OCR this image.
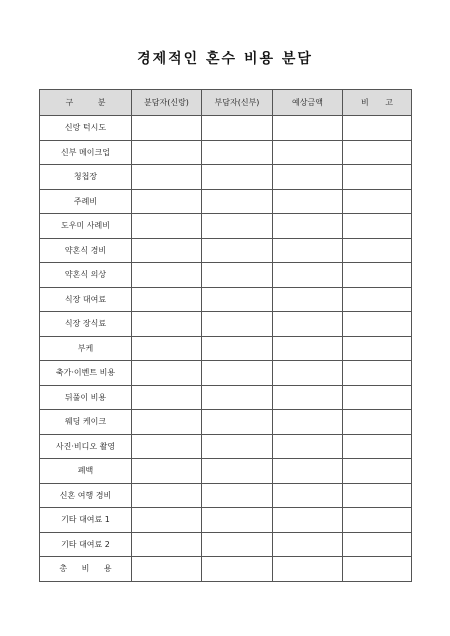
경제적인 혼수 비용 분담
구 분	분담자(신랑)	부담자(신부)	예상금액	비 고
신랑 턱시도				
신부 메이크업				
청첩장				
주례비				
도우미 사례비				
약혼식 경비				
약혼식 의상				
식장 대여료				
식장 장식료				
부케				
축가·이벤트 비용				
뒤풀이 비용				
웨딩 케이크				
사진·비디오 촬영				
폐백				
신혼 여행 경비				
기타 대여료 1				
기타 대여료 2				
총 비 용				
